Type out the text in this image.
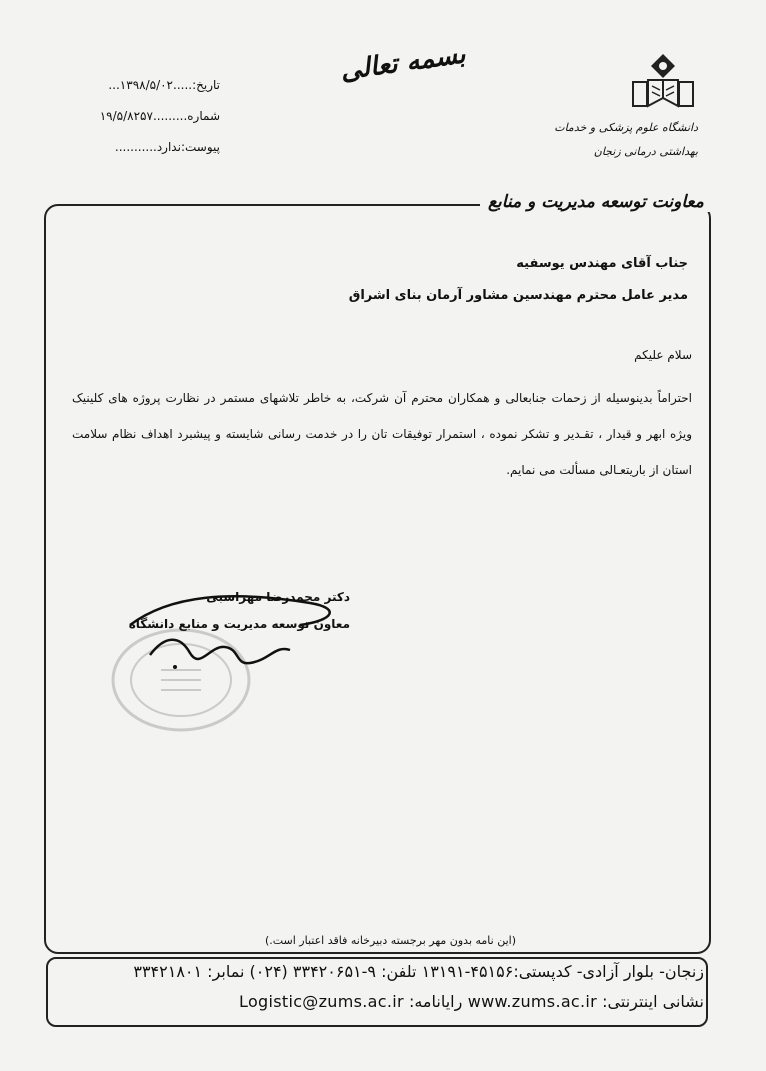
دانشگاه علوم پزشکی و خدمات
بهداشتی درمانی زنجان
بسمه تعالی
تاریخ:.....۱۳۹۸/۵/۰۲...
شماره.........۱۹/۵/۸۲۵۷
پیوست:ندارد...........
معاونت توسعه مدیریت و منابع
جناب آقای مهندس یوسفیه
مدیر عامل محترم مهندسین مشاور آرمان بنای اشراق
سلام علیکم
احتراماً بدینوسیله از زحمات جنابعالی و همکاران محترم آن شرکت، به خاطر تلاشهای مستمر در نظارت پروژه های کلینیک ویژه ابهر و قیدار ، تقـدیر و تشکر نموده ، استمرار توفیقات تان را در خدمت رسانی شایسته و پیشبرد اهداف نظام سلامت استان از باریتعـالی مسألت می نمایم.
دکتر محمدرضا مهراسبی
معاون توسعه مدیریت و منابع دانشگاه
(این نامه بدون مهر برجسته دبیرخانه فاقد اعتبار است.)
زنجان- بلوار آزادی- کدپستی:۴۵۱۵۶-۱۳۱۹۱ تلفن: ۹-۳۳۴۲۰۶۵۱ (۰۲۴) نمابر: ۳۳۴۲۱۸۰۱
نشانی اینترنتی: www.zums.ac.ir رایانامه: Logistic@zums.ac.ir
